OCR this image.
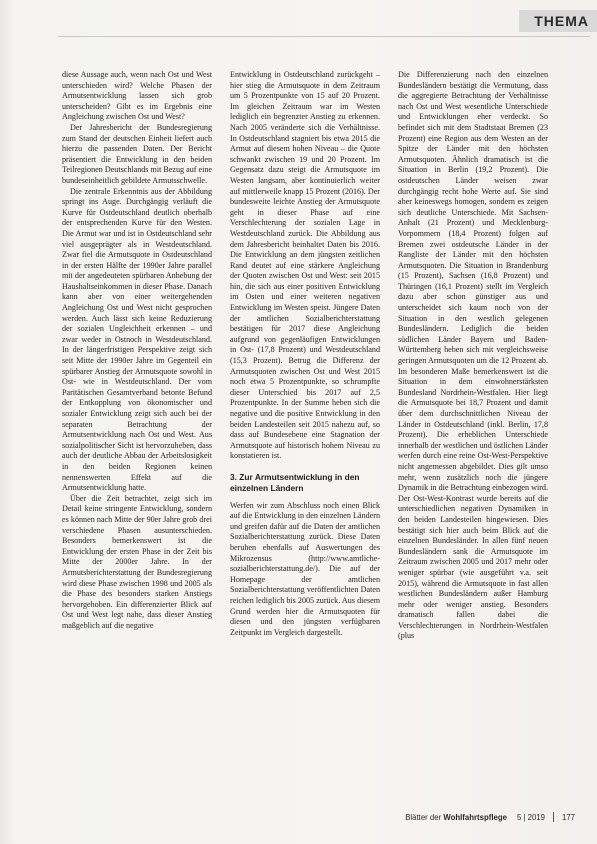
THEMA

diese Aussage auch, wenn nach Ost und West unterschieden wird? Welche Phasen der Armutsentwicklung lassen sich grob unterscheiden? Gibt es im Ergebnis eine Angleichung zwischen Ost und West?

Der Jahresbericht der Bundesregierung zum Stand der deutschen Einheit liefert auch hierzu die passenden Daten. Der Bericht präsentiert die Entwicklung in den beiden Teilregionen Deutschlands mit Bezug auf eine bundeseinheitlich gebildete Armutsschwelle.

Die zentrale Erkenntnis aus der Abbildung springt ins Auge. Durchgängig verläuft die Kurve für Ostdeutschland deutlich oberhalb der entsprechenden Kurve für den Westen. Die Armut war und ist in Ostdeutschland sehr viel ausgeprägter als in Westdeutschland. Zwar fiel die Armutsquote in Ostdeutschland in der ersten Hälfte der 1990er Jahre parallel mit der angedeuteten spürbaren Anhebung der Haushaltseinkommen in dieser Phase. Danach kann aber von einer weitergehenden Angleichung Ost und West nicht gesprochen werden. Auch lässt sich keine Reduzierung der sozialen Ungleichheit erkennen – und zwar weder in Ostnoch in Westdeutschland. In der längerfristigen Perspektive zeigt sich seit Mitte der 1990er Jahre im Gegenteil ein spürbarer Anstieg der Armutsquote sowohl in Ost- wie in Westdeutschland. Der vom Paritätischen Gesamtverband betonte Befund der Entkopplung von ökonomischer und sozialer Entwicklung zeigt sich auch bei der separaten Betrachtung der Armutsentwicklung nach Ost und West. Aus sozialpolitischer Sicht ist hervorzuheben, dass auch der deutliche Abbau der Arbeitslosigkeit in den beiden Regionen keinen nennenswerten Effekt auf die Armutsentwicklung hatte.

Über die Zeit betrachtet, zeigt sich im Detail keine stringente Entwicklung, sondern es können nach Mitte der 90er Jahre grob drei verschiedene Phasen ausunterschieden. Besonders bemerkenswert ist die Entwicklung der ersten Phase in der Zeit bis Mitte der 2000er Jahre. In der Armutsberichterstattung der Bundesregierung wird diese Phase zwischen 1998 und 2005 als die Phase des besonders starken Anstiegs hervorgehoben. Ein differenzierter Blick auf Ost und West legt nahe, dass dieser Anstieg maßgeblich auf die negative

Entwicklung in Ostdeutschland zurückgeht – hier stieg die Armutsquote in dem Zeitraum um 5 Prozentpunkte von 15 auf 20 Prozent. Im gleichen Zeitraum war im Westen lediglich ein begrenzter Anstieg zu erkennen. Nach 2005 veränderte sich die Verhältnisse. In Ostdeutschland stagniert bis etwa 2015 die Armut auf diesem hohen Niveau – die Quote schwankt zwischen 19 und 20 Prozent. Im Gegensatz dazu steigt die Armutsquote im Westen langsam, aber kontinuierlich weiter auf mittlerweile knapp 15 Prozent (2016). Der bundesweite leichte Anstieg der Armutsquote geht in dieser Phase auf eine Verschlechterung der sozialen Lage in Westdeutschland zurück. Die Abbildung aus dem Jahresbericht beinhaltet Daten bis 2016. Die Entwicklung an dem jüngsten zeitlichen Rand deutet auf eine stärkere Angleichung der Quoten zwischen Ost und West: seit 2015 hin, die sich aus einer positiven Entwicklung im Osten und einer weiteren negativen Entwicklung im Westen speist. Jüngere Daten der amtlichen Sozialberichterstattung bestätigen für 2017 diese Angleichung aufgrund von gegenläufigen Entwicklungen in Ost- (17,8 Prozent) und Westdeutschland (15,3 Prozent). Betrug die Differenz der Armutsquoten zwischen Ost und West 2015 noch etwa 5 Prozentpunkte, so schrumpfte dieser Unterschied bis 2017 auf 2,5 Prozentpunkte. In der Summe heben sich die negative und die positive Entwicklung in den beiden Landesteilen seit 2015 nahezu auf, so dass auf Bundesebene eine Stagnation der Armutsquote auf historisch hohem Niveau zu konstatieren ist.

3. Zur Armutsentwicklung in den einzelnen Ländern

Werfen wir zum Abschluss noch einen Blick auf die Entwicklung in den einzelnen Ländern und greifen dafür auf die Daten der amtlichen Sozialberichterstattung zurück. Diese Daten beruhen ebenfalls auf Auswertungen des Mikrozensus (http://www.amtliche-sozialberichterstattung.de/). Die auf der Homepage der amtlichen Sozialberichterstattung veröffentlichten Daten reichen lediglich bis 2005 zurück. Aus diesem Grund werden hier die Armutsquoten für diesen und den jüngsten verfügbaren Zeitpunkt im Vergleich dargestellt.

Die Differenzierung nach den einzelnen Bundesländern bestätigt die Vermutung, dass die aggregierte Betrachtung der Verhältnisse nach Ost und West wesentliche Unterschiede und Entwicklungen eher verdeckt. So befindet sich mit dem Stadtstaat Bremen (23 Prozent) eine Region aus dem Westen an der Spitze der Länder mit den höchsten Armutsquoten. Ähnlich dramatisch ist die Situation in Berlin (19,2 Prozent). Die ostdeutschen Länder weisen zwar durchgängig recht hohe Werte auf. Sie sind aber keineswegs homogen, sondern es zeigen sich deutliche Unterschiede. Mit Sachsen-Anhalt (21 Prozent) und Mecklenburg-Vorpommern (18,4 Prozent) folgen auf Bremen zwei ostdeutsche Länder in der Rangliste der Länder mit den höchsten Armutsquoten. Die Situation in Brandenburg (15 Prozent), Sachsen (16,8 Prozent) und Thüringen (16,1 Prozent) stellt im Vergleich dazu aber schon günstiger aus und unterscheidet sich kaum noch von der Situation in den westlich gelegenen Bundesländern. Lediglich die beiden südlichen Länder Bayern und Baden-Württemberg heben sich mit vergleichsweise geringen Armutsquoten um die 12 Prozent ab. Im besonderen Maße bemerkenswert ist die Situation in dem einwohnerstärksten Bundesland Nordrhein-Westfalen. Hier liegt die Armutsquote bei 18,7 Prozent und damit über dem durchschnittlichen Niveau der Länder in Ostdeutschland (inkl. Berlin, 17,8 Prozent). Die erheblichen Unterschiede innerhalb der westlichen und östlichen Länder werfen durch eine reine Ost-West-Perspektive nicht angemessen abgebildet. Dies gilt umso mehr, wenn zusätzlich noch die jüngere Dynamik in die Betrachtung einbezogen wird. Der Ost-West-Kontrast wurde bereits auf die unterschiedlichen negativen Dynamiken in den beiden Landesteilen hingewiesen. Dies bestätigt sich hier auch beim Blick auf die einzelnen Bundesländer. In allen fünf neuen Bundesländern sank die Armutsquote im Zeitraum zwischen 2005 und 2017 mehr oder weniger spürbar (wie ausgeführt v.a. seit 2015), während die Armutsquote in fast allen westlichen Bundesländern außer Hamburg mehr oder weniger anstieg. Besonders dramatisch fallen dabei die Verschlechterungen in Nordrhein-Westfalen (plus

Blätter der
Wohlfahrtspflege 5 | 2019 177
